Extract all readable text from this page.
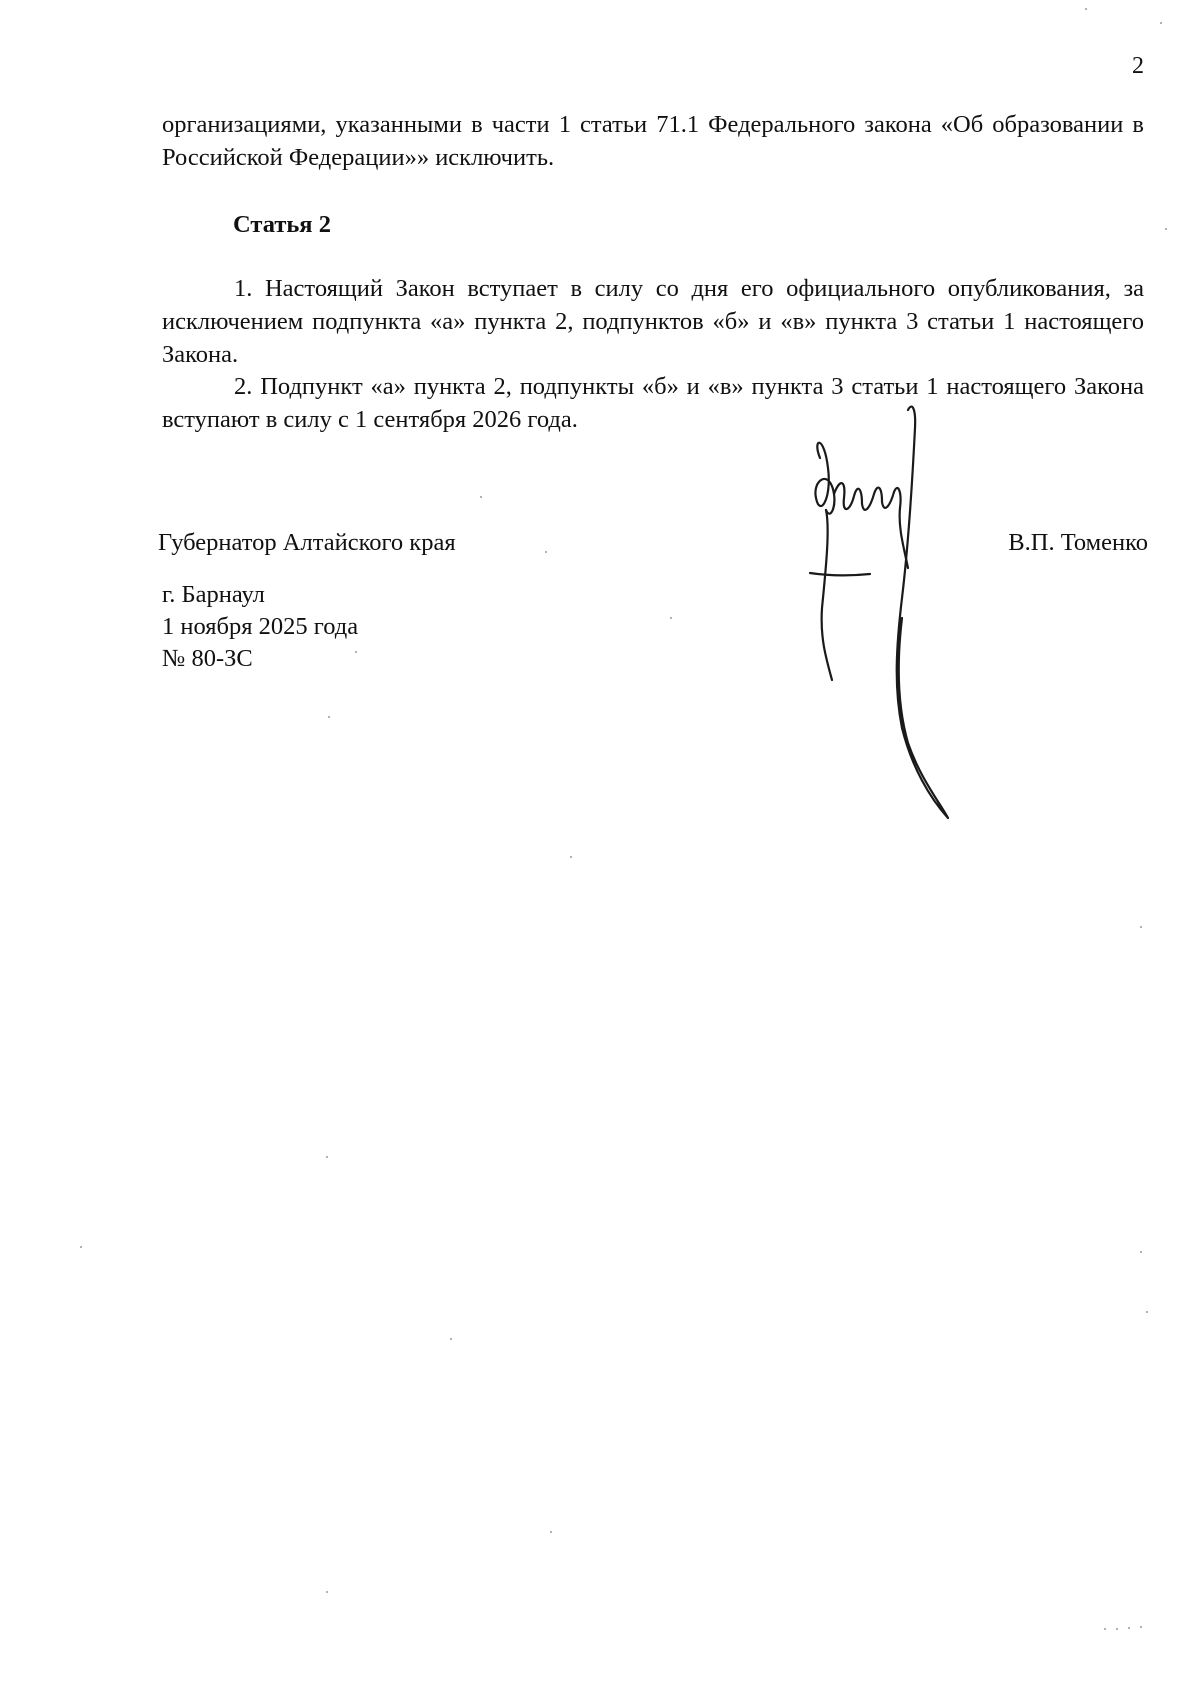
2
организациями, указанными в части 1 статьи 71.1 Федерального закона «Об образовании в Российской Федерации»» исключить.
Статья 2
1. Настоящий Закон вступает в силу со дня его официального опубликования, за исключением подпункта «а» пункта 2, подпунктов «б» и «в» пункта 3 статьи 1 настоящего Закона.
2. Подпункт «а» пункта 2, подпункты «б» и «в» пункта 3 статьи 1 настоящего Закона вступают в силу с 1 сентября 2026 года.
Губернатор Алтайского края	В.П. Томенко
г. Барнаул
1 ноября 2025 года
№ 80-ЗС
